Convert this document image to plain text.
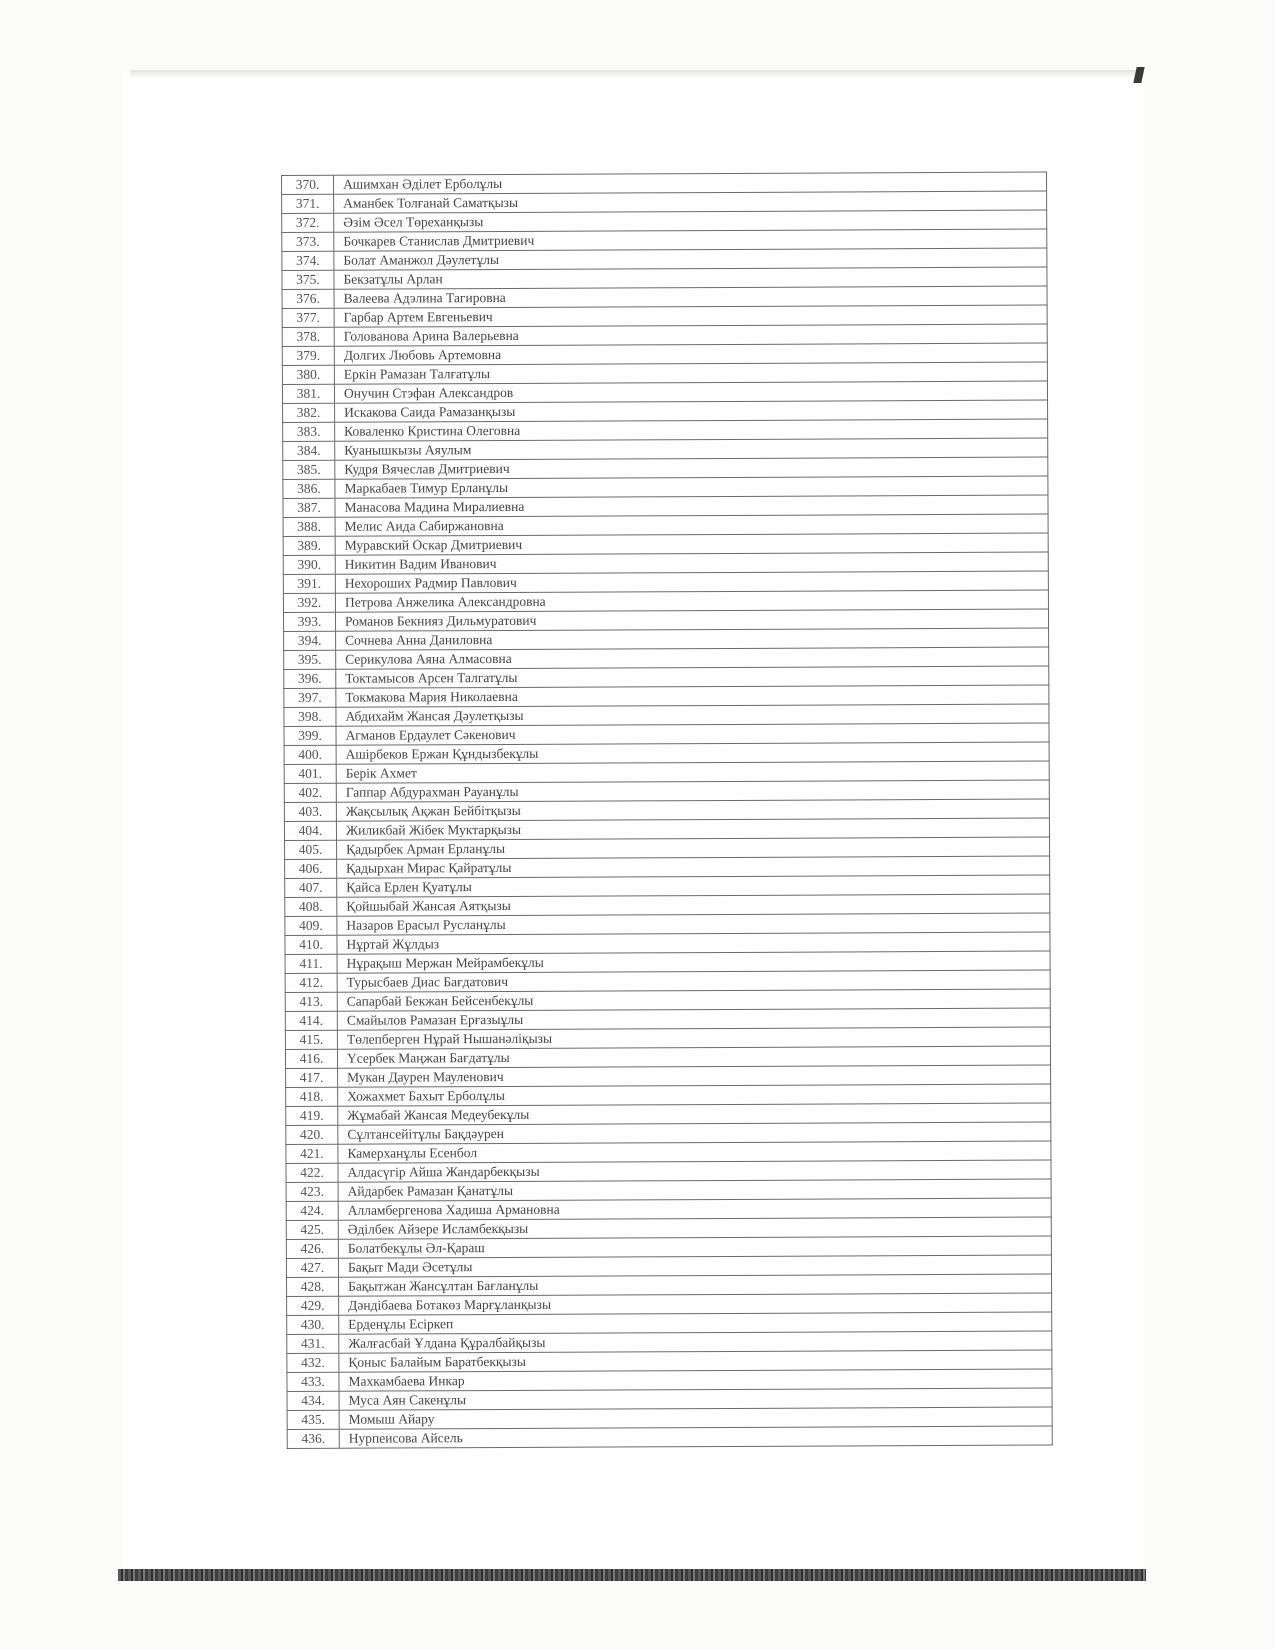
370.	Ашимхан Әділет Ерболұлы
371.	Аманбек Толғанай Саматқызы
372.	Әзім Әсел Төреханқызы
373.	Бочкарев Станислав Дмитриевич
374.	Болат Аманжол Дәулетұлы
375.	Бекзатұлы Арлан
376.	Валеева Адэлина Тагировна
377.	Гарбар Артем Евгеньевич
378.	Голованова Арина Валерьевна
379.	Долгих Любовь Артемовна
380.	Еркін Рамазан Талғатұлы
381.	Онучин Стэфан Александров
382.	Искакова Саида Рамазанқызы
383.	Коваленко Кристина Олеговна
384.	Куанышкызы Аяулым
385.	Кудря Вячеслав Дмитриевич
386.	Маркабаев Тимур Ерланұлы
387.	Манасова Мадина Миралиевна
388.	Мелис Аида Сабиржановна
389.	Муравский Оскар Дмитриевич
390.	Никитин Вадим Иванович
391.	Нехороших Радмир Павлович
392.	Петрова Анжелика Александровна
393.	Романов Бекнияз Дильмуратович
394.	Сочнева Анна Даниловна
395.	Серикулова Аяна Алмасовна
396.	Токтамысов Арсен Талгатұлы
397.	Токмакова Мария Николаевна
398.	Абдихайм Жансая Дәулетқызы
399.	Агманов Ердаулет Сәкенович
400.	Ашірбеков Ержан Құндызбекұлы
401.	Берік Ахмет
402.	Гаппар Абдурахман Рауанұлы
403.	Жақсылық Ақжан Бейбітқызы
404.	Жиликбай Жібек Муктарқызы
405.	Қадырбек Арман Ерланұлы
406.	Қадырхан Мирас Қайратұлы
407.	Қайса Ерлен Қуатұлы
408.	Қойшыбай Жансая Аятқызы
409.	Назаров Ерасыл Русланұлы
410.	Нұртай Жұлдыз
411.	Нұрақыш Мержан Мейрамбекұлы
412.	Турысбаев Диас Бағдатович
413.	Сапарбай Бекжан Бейсенбекұлы
414.	Смайылов Рамазан Ерғазыұлы
415.	Төлепберген Нұрай Нышанәліқызы
416.	Үсербек Маңжан Бағдатұлы
417.	Мукан Даурен Мауленович
418.	Хожахмет Бахыт Ерболұлы
419.	Жұмабай Жансая Медеубекұлы
420.	Сұлтансейітұлы Бақдәурен
421.	Камерханұлы Есенбол
422.	Алдасүгір Айша Жандарбекқызы
423.	Айдарбек Рамазан Қанатұлы
424.	Алламбергенова Хадиша Армановна
425.	Әділбек Айзере Исламбекқызы
426.	Болатбекұлы Әл-Қараш
427.	Бақыт Мади Әсетұлы
428.	Бақытжан Жансұлтан Бағланұлы
429.	Дәндібаева Ботакөз Марғұланқызы
430.	Ерденұлы Есіркеп
431.	Жалғасбай Ұлдана Құралбайқызы
432.	Қоныс Балайым Баратбекқызы
433.	Махкамбаева Инкар
434.	Муса Аян Сакенұлы
435.	Момыш Айару
436.	Нурпеисова Айсель
